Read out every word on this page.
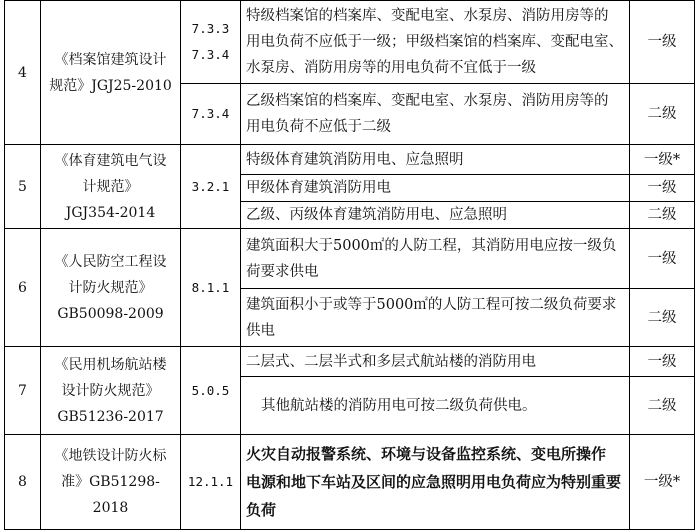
4	《档案馆建筑设计
规范》JGJ25-2010	7.3.3
7.3.4	特级档案馆的档案库、变配电室、水泵房、消防用房等的
用电负荷不应低于一级；甲级档案馆的档案库、变配电室、
水泵房、消防用房等的用电负荷不宜低于一级	一级
		7.3.4	乙级档案馆的档案库、变配电室、水泵房、消防用房等的
用电负荷不应低于二级	二级
5	《体育建筑电气设
计规范》
JGJ354-2014	3.2.1	特级体育建筑消防用电、应急照明	一级*
			甲级体育建筑消防用电	一级
			乙级、丙级体育建筑消防用电、应急照明	二级
6	《人民防空工程设
计防火规范》
GB50098-2009	8.1.1	建筑面积大于5000㎡的人防工程，其消防用电应按一级负
荷要求供电	一级

			建筑面积小于或等于5000㎡的人防工程可按二级负荷要求
供电	二级
7	《民用机场航站楼
设计防火规范》
GB51236-2017	5.0.5	二层式、二层半式和多层式航站楼的消防用电	一级
			其他航站楼的消防用电可按二级负荷供电。	二级
8	《地铁设计防火标
准》GB51298-2018	12.1.1	火灾自动报警系统、环境与设备监控系统、变电所操作
电源和地下车站及区间的应急照明用电负荷应为特别重要
负荷	一级*
